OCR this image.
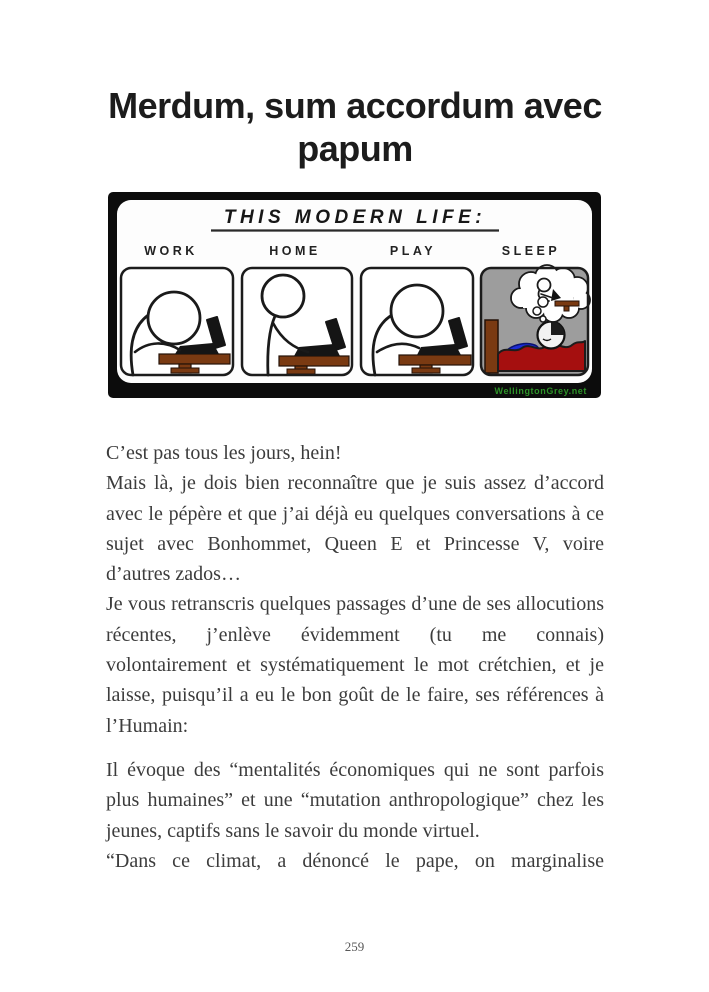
Merdum, sum accordum avec papum
THIS MODERN LIFE:
WORK	HOME	PLAY	SLEEP
WellingtonGrey.net

C’est pas tous les jours, hein!

Mais là, je dois bien reconnaître que je suis assez d’accord avec le pépère et que j’ai déjà eu quelques conversations à ce sujet avec Bonhommet, Queen E et Princesse V, voire d’autres zados…

Je vous retranscris quelques passages d’une de ses allocutions récentes, j’enlève évidemment (tu me connais) volontairement et systématiquement le mot crétchien, et je laisse, puisqu’il a eu le bon goût de le faire, ses références à l’Humain:

Il évoque des “mentalités économiques qui ne sont parfois plus humaines” et une “mutation anthropologique” chez les jeunes, captifs sans le savoir du monde virtuel.

“Dans ce climat, a dénoncé le pape, on marginalise

259
